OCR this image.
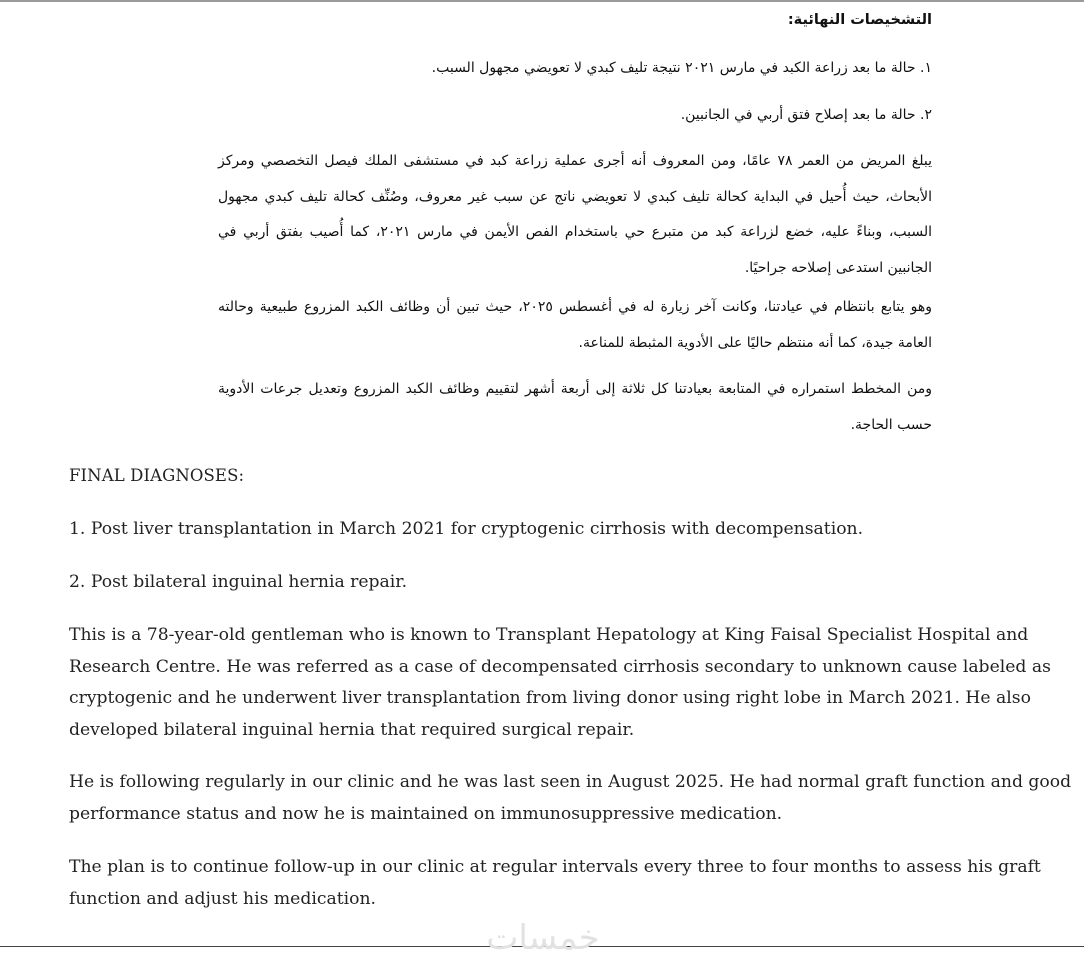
التشخيصات النهائية:
١. حالة ما بعد زراعة الكبد في مارس ٢٠٢١ نتيجة تليف كبدي لا تعويضي مجهول السبب.
٢. حالة ما بعد إصلاح فتق أربي في الجانبين.
يبلغ المريض من العمر ٧٨ عامًا، ومن المعروف أنه أجرى عملية زراعة كبد في مستشفى الملك فيصل التخصصي ومركز الأبحاث، حيث أُحيل في البداية كحالة تليف كبدي لا تعويضي ناتج عن سبب غير معروف، وصُنِّف كحالة تليف كبدي مجهول السبب، وبناءً عليه، خضع لزراعة كبد من متبرع حي باستخدام الفص الأيمن في مارس ٢٠٢١، كما أُصيب بفتق أربي في الجانبين استدعى إصلاحه جراحيًا.
وهو يتابع بانتظام في عيادتنا، وكانت آخر زيارة له في أغسطس ٢٠٢٥، حيث تبين أن وظائف الكبد المزروع طبيعية وحالته العامة جيدة، كما أنه منتظم حاليًا على الأدوية المثبطة للمناعة.
ومن المخطط استمراره في المتابعة بعيادتنا كل ثلاثة إلى أربعة أشهر لتقييم وظائف الكبد المزروع وتعديل جرعات الأدوية حسب الحاجة.
FINAL DIAGNOSES:
1. Post liver transplantation in March 2021 for cryptogenic cirrhosis with decompensation.
2. Post bilateral inguinal hernia repair.
This is a 78-year-old gentleman who is known to Transplant Hepatology at King Faisal Specialist Hospital and Research Centre. He was referred as a case of decompensated cirrhosis secondary to unknown cause labeled as cryptogenic and he underwent liver transplantation from living donor using right lobe in March 2021. He also developed bilateral inguinal hernia that required surgical repair.
He is following regularly in our clinic and he was last seen in August 2025. He had normal graft function and good performance status and now he is maintained on immunosuppressive medication.
The plan is to continue follow-up in our clinic at regular intervals every three to four months to assess his graft function and adjust his medication.
خمسات
